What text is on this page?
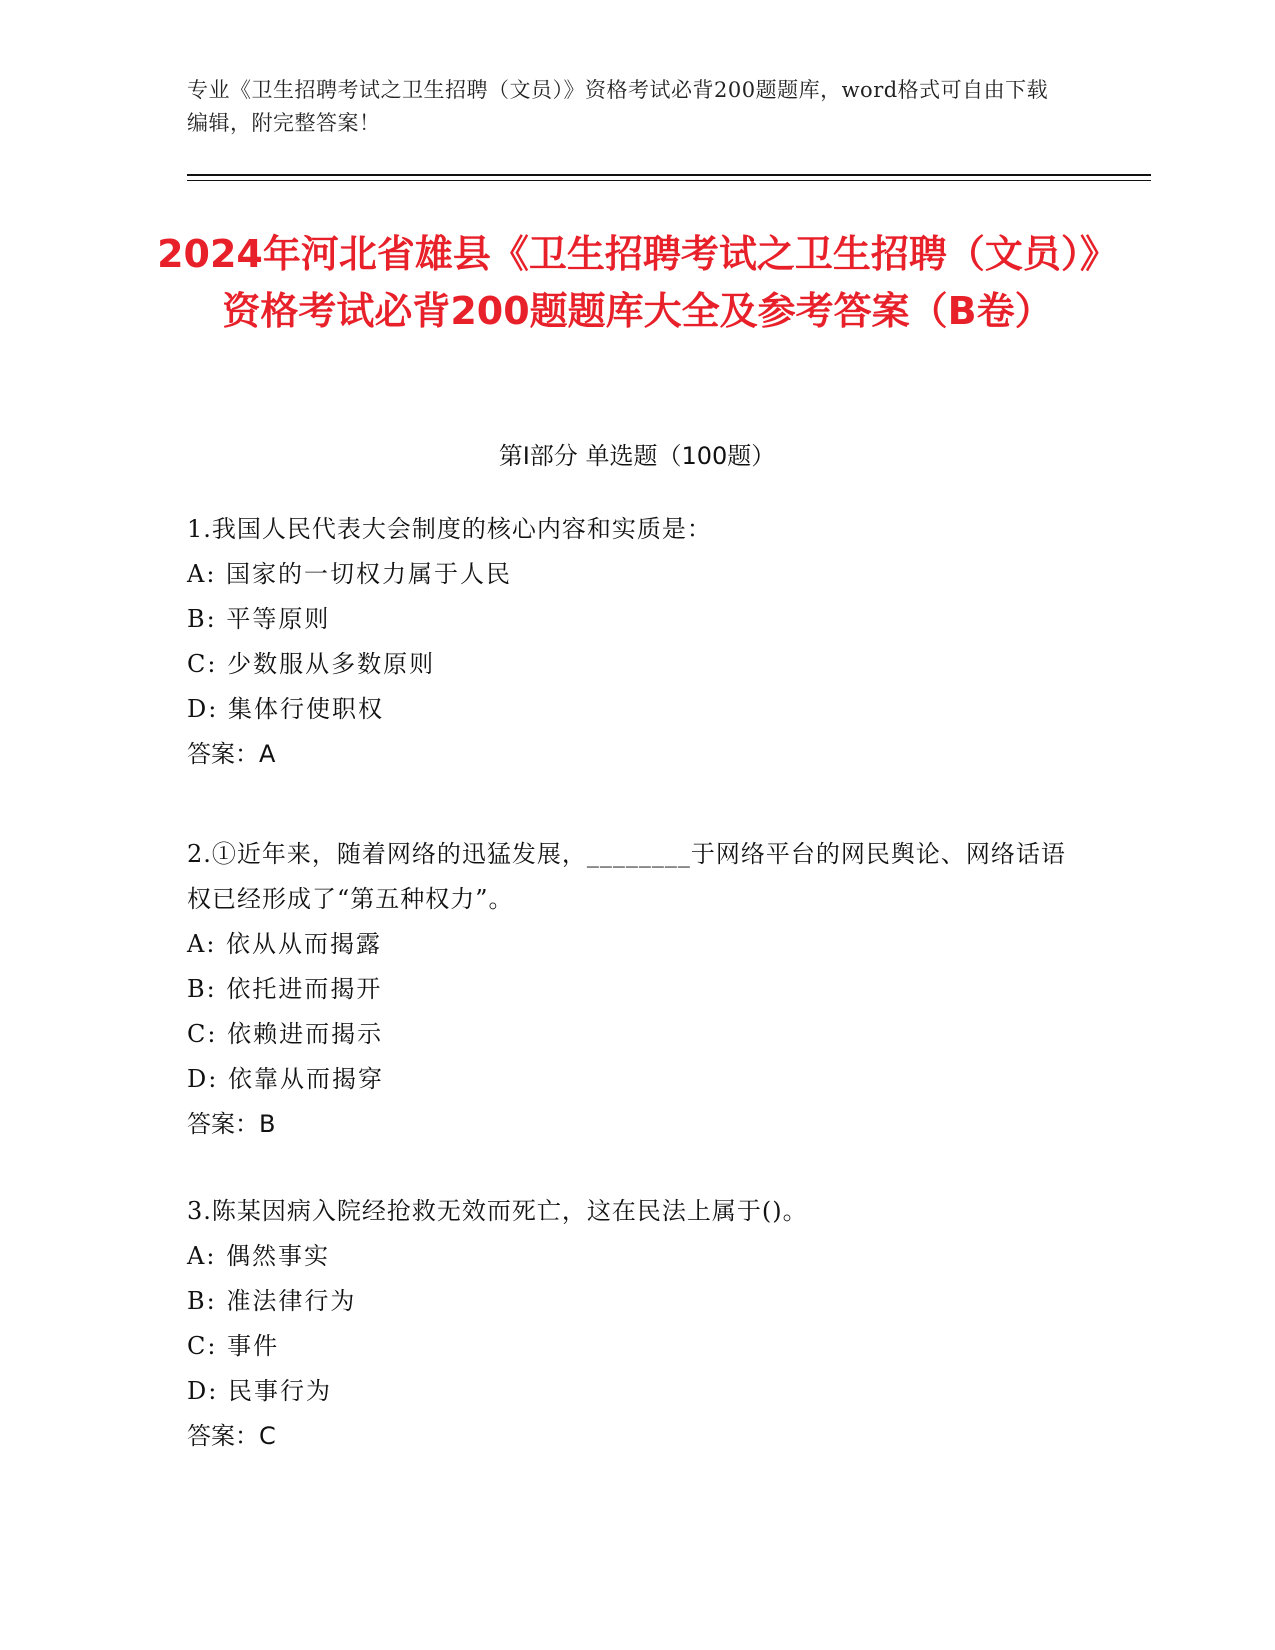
专业《卫生招聘考试之卫生招聘（文员）》资格考试必背200题题库，word格式可自由下载编辑，附完整答案！
2024年河北省雄县《卫生招聘考试之卫生招聘（文员）》资格考试必背200题题库大全及参考答案（B卷）
第Ⅰ部分 单选题（100题）
1.我国人民代表大会制度的核心内容和实质是：
A: 国家的一切权力属于人民
B: 平等原则
C: 少数服从多数原则
D: 集体行使职权
答案：A
2.①近年来，随着网络的迅猛发展，________于网络平台的网民舆论、网络话语权已经形成了“第五种权力”。
A: 依从从而揭露
B: 依托进而揭开
C: 依赖进而揭示
D: 依靠从而揭穿
答案：B
3.陈某因病入院经抢救无效而死亡，这在民法上属于()。
A: 偶然事实
B: 准法律行为
C: 事件
D: 民事行为
答案：C
